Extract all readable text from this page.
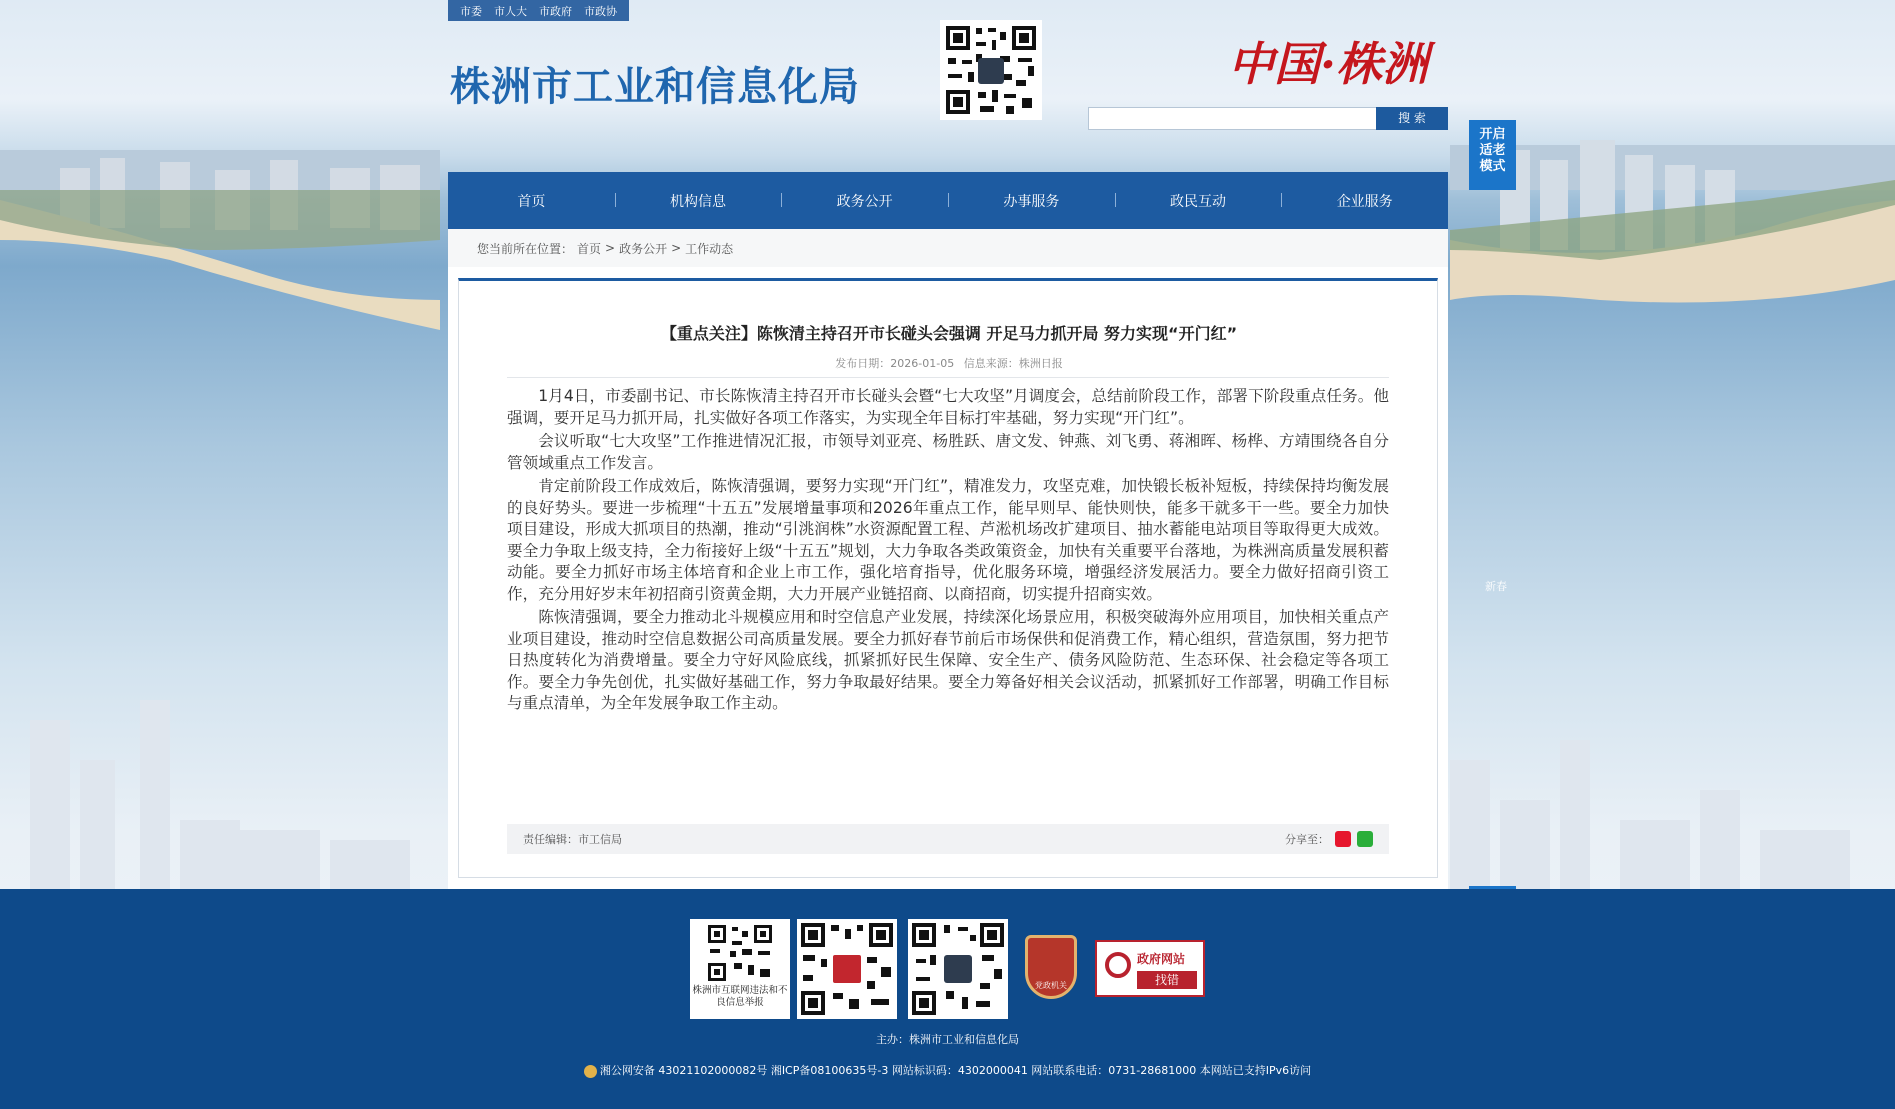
市委 市人大 市政府 市政协
株洲市工业和信息化局	中国·株洲
搜 索
开启
适老
模式
新春
首页	机构信息	政务公开	办事服务	政民互动	企业服务
您当前所在位置： 首页 > 政务公开 > 工作动态
【重点关注】陈恢清主持召开市长碰头会强调 开足马力抓开局 努力实现“开门红”
发布日期：2026-01-05 信息来源：株洲日报

1月4日，市委副书记、市长陈恢清主持召开市长碰头会暨“七大攻坚”月调度会，总结前阶段工作，部署下阶段重点任务。他强调，要开足马力抓开局，扎实做好各项工作落实，为实现全年目标打牢基础，努力实现“开门红”。

会议听取“七大攻坚”工作推进情况汇报，市领导刘亚亮、杨胜跃、唐文发、钟燕、刘飞勇、蒋湘晖、杨桦、方靖围绕各自分管领域重点工作发言。

肯定前阶段工作成效后，陈恢清强调，要努力实现“开门红”，精准发力，攻坚克难，加快锻长板补短板，持续保持均衡发展的良好势头。要进一步梳理“十五五”发展增量事项和2026年重点工作，能早则早、能快则快，能多干就多干一些。要全力加快项目建设，形成大抓项目的热潮，推动“引洮润株”水资源配置工程、芦淞机场改扩建项目、抽水蓄能电站项目等取得更大成效。要全力争取上级支持，全力衔接好上级“十五五”规划，大力争取各类政策资金，加快有关重要平台落地，为株洲高质量发展积蓄动能。要全力抓好市场主体培育和企业上市工作，强化培育指导，优化服务环境，增强经济发展活力。要全力做好招商引资工作，充分用好岁末年初招商引资黄金期，大力开展产业链招商、以商招商，切实提升招商实效。

陈恢清强调，要全力推动北斗规模应用和时空信息产业发展，持续深化场景应用，积极突破海外应用项目，加快相关重点产业项目建设，推动时空信息数据公司高质量发展。要全力抓好春节前后市场保供和促消费工作，精心组织，营造氛围，努力把节日热度转化为消费增量。要全力守好风险底线，抓紧抓好民生保障、安全生产、债务风险防范、生态环保、社会稳定等各项工作。要全力争先创优，扎实做好基础工作，努力争取最好结果。要全力筹备好相关会议活动，抓紧抓好工作部署，明确工作目标与重点清单，为全年发展争取工作主动。

责任编辑：市工信局	分享至：
株洲市互联网违法和不良信息举报
党政机关
政府网站
找错
主办：株洲市工业和信息化局
湘公网安备 43021102000082号 湘ICP备08100635号-3 网站标识码：4302000041 网站联系电话：0731-28681000 本网站已支持IPv6访问
